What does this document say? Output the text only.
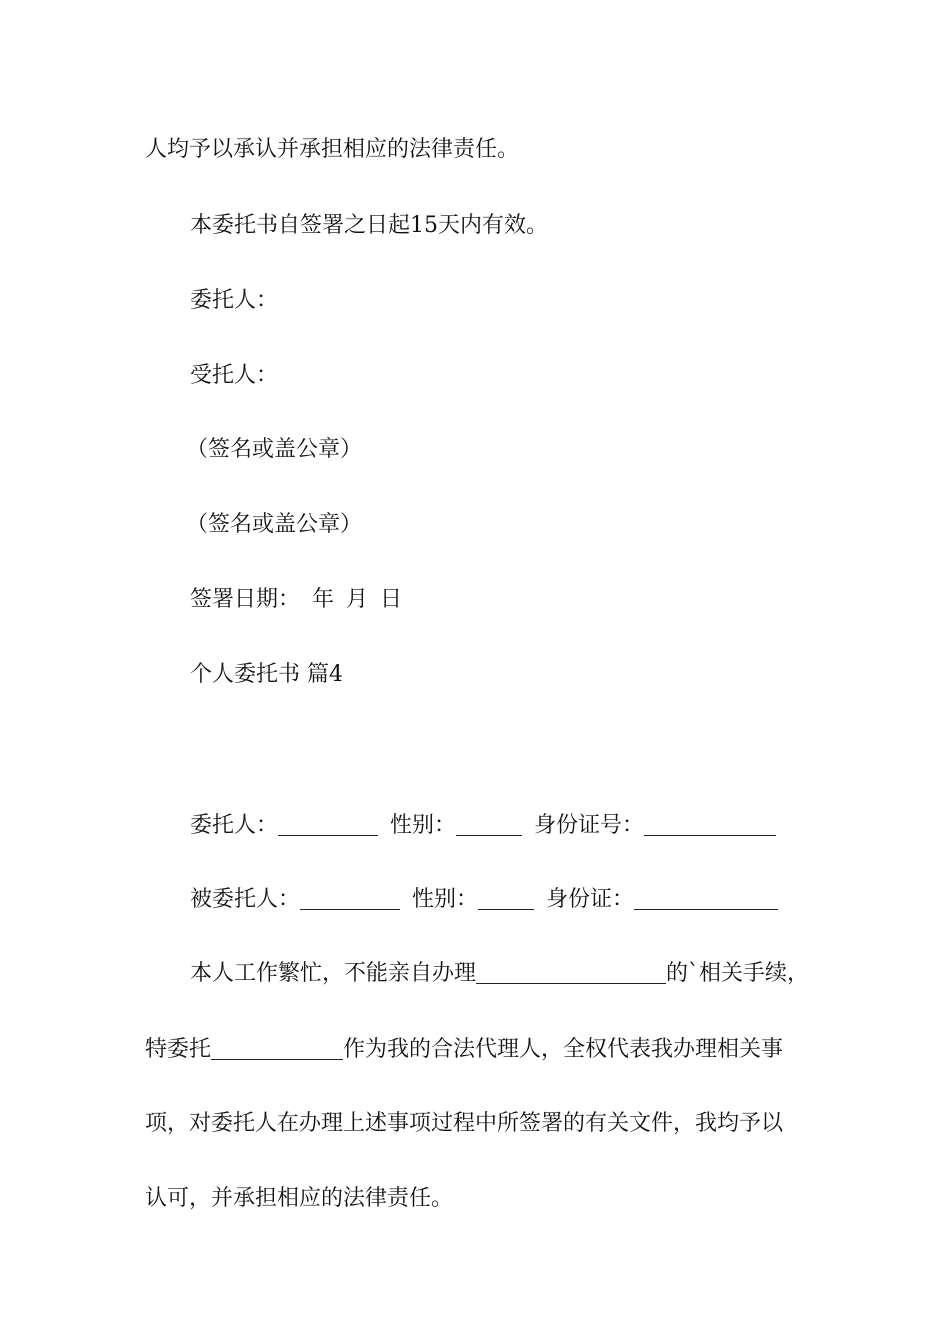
人均予以承认并承担相应的法律责任。
本委托书自签署之日起15天内有效。
委托人：
受托人：
（签名或盖公章）
（签名或盖公章）
签署日期： 年 月 日
个人委托书 篇4
委托人：	性别：	身份证号：
被委托人：	性别：	身份证：
本人工作繁忙，不能亲自办理	的`相关手续，
特委托	作为我的合法代理人，全权代表我办理相关事
项，对委托人在办理上述事项过程中所签署的有关文件，我均予以
认可，并承担相应的法律责任。
